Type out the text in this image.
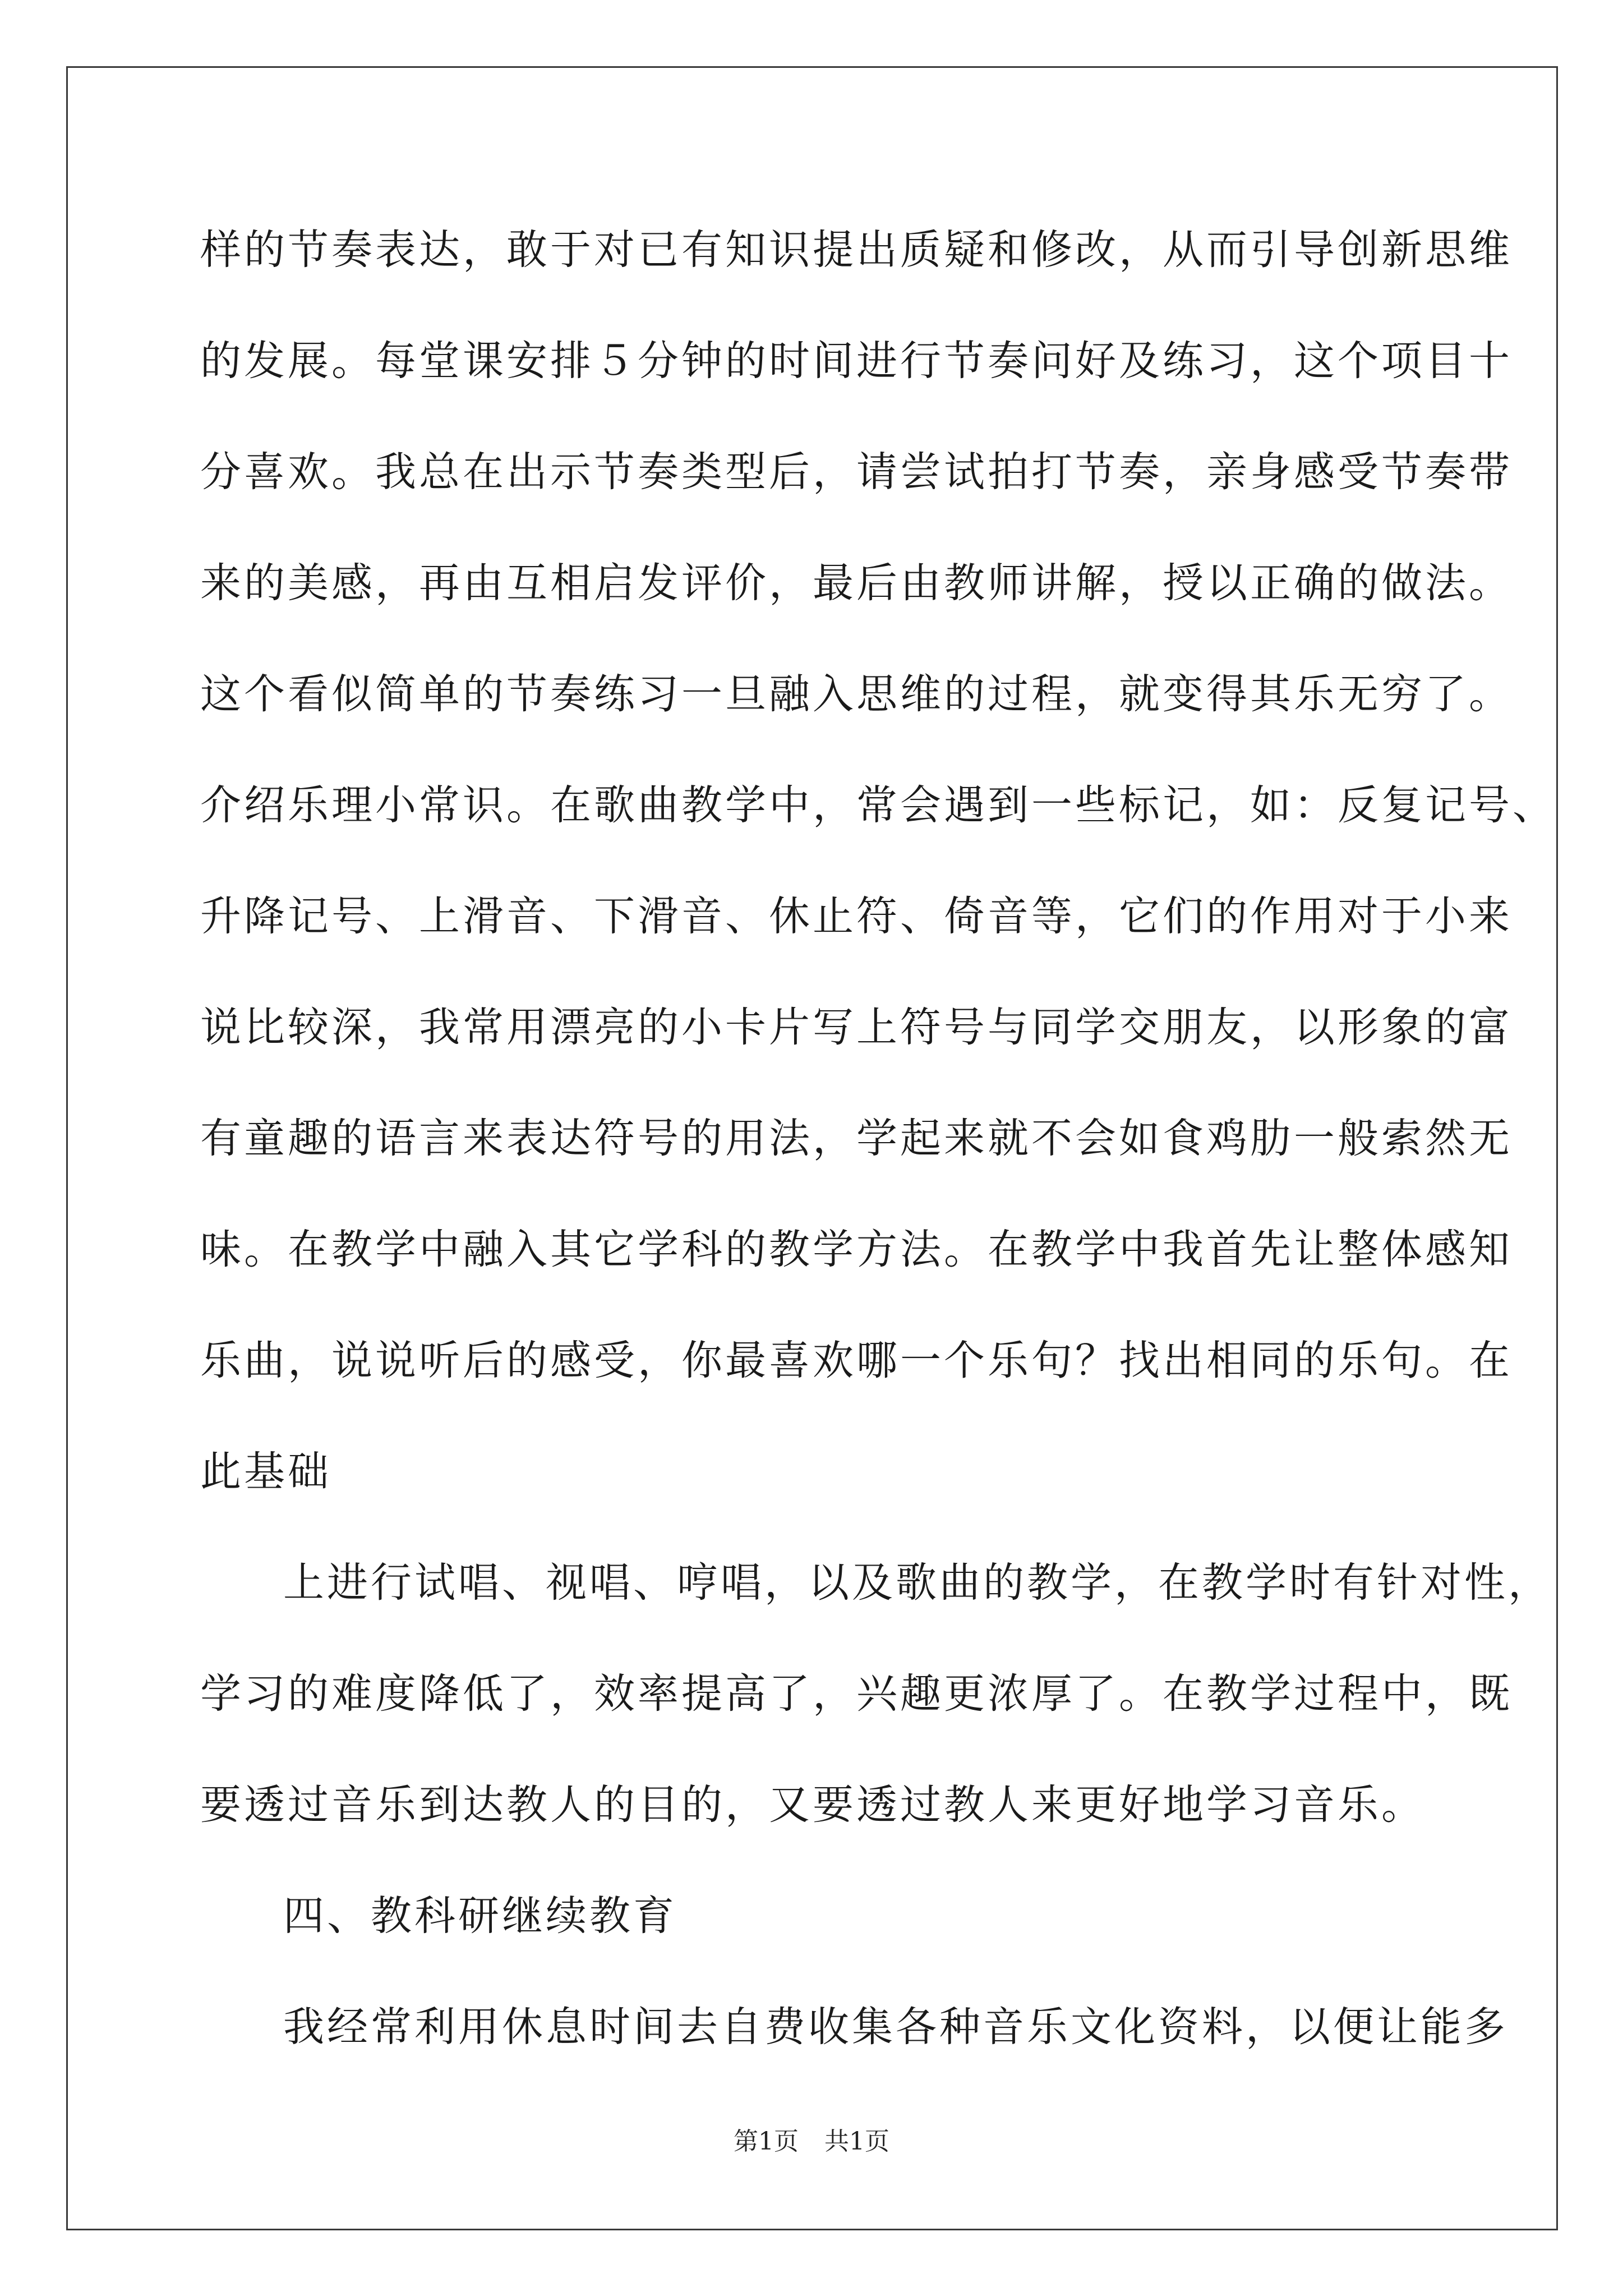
样的节奏表达，敢于对已有知识提出质疑和修改，从而引导创新思维
的发展。每堂课安排５分钟的时间进行节奏问好及练习，这个项目十
分喜欢。我总在出示节奏类型后，请尝试拍打节奏，亲身感受节奏带
来的美感，再由互相启发评价，最后由教师讲解，授以正确的做法。
这个看似简单的节奏练习一旦融入思维的过程，就变得其乐无穷了。
介绍乐理小常识。在歌曲教学中，常会遇到一些标记，如：反复记号、
升降记号、上滑音、下滑音、休止符、倚音等，它们的作用对于小来
说比较深，我常用漂亮的小卡片写上符号与同学交朋友，以形象的富
有童趣的语言来表达符号的用法，学起来就不会如食鸡肋一般索然无
味。在教学中融入其它学科的教学方法。在教学中我首先让整体感知
乐曲，说说听后的感受，你最喜欢哪一个乐句？找出相同的乐句。在
此基础
上进行试唱、视唱、哼唱，以及歌曲的教学，在教学时有针对性，
学习的难度降低了，效率提高了，兴趣更浓厚了。在教学过程中，既
要透过音乐到达教人的目的，又要透过教人来更好地学习音乐。
四、教科研继续教育
我经常利用休息时间去自费收集各种音乐文化资料，以便让能多
第1页 共1页
